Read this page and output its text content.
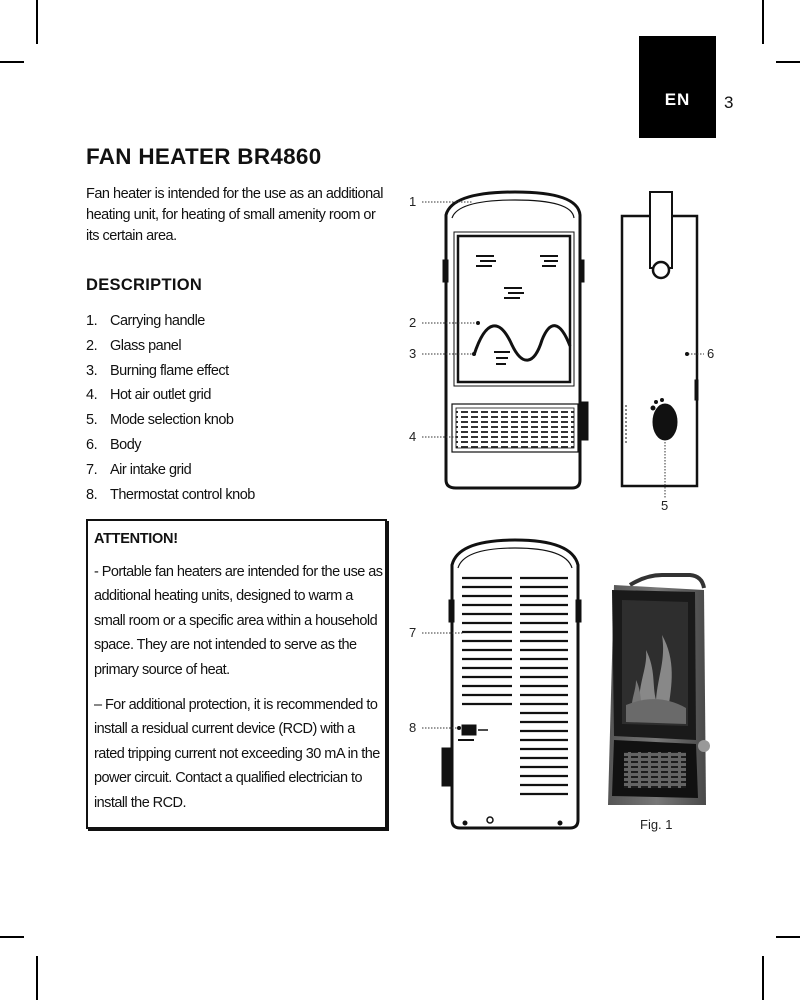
EN	3
FAN HEATER BR4860

Fan heater is intended for the use as an additional heating unit, for heating of small amenity room or its certain area.

DESCRIPTION
1. Carrying handle
2. Glass panel
3. Burning flame effect
4. Hot air outlet grid
5. Mode selection knob
6. Body
7. Air intake grid
8. Thermostat control knob

ATTENTION!

- Portable fan heaters are intended for the use as additional heating units, designed to warm a small room or a specific area within a household space. They are not intended to serve as the primary source of heat.

– For additional protection, it is recommended to install a residual current device (RCD) with a rated tripping current not exceeding 30 mA in the power circuit. Contact a qualified electrician to install the RCD.

1
2
3
4
5
6
7
8
Fig. 1
